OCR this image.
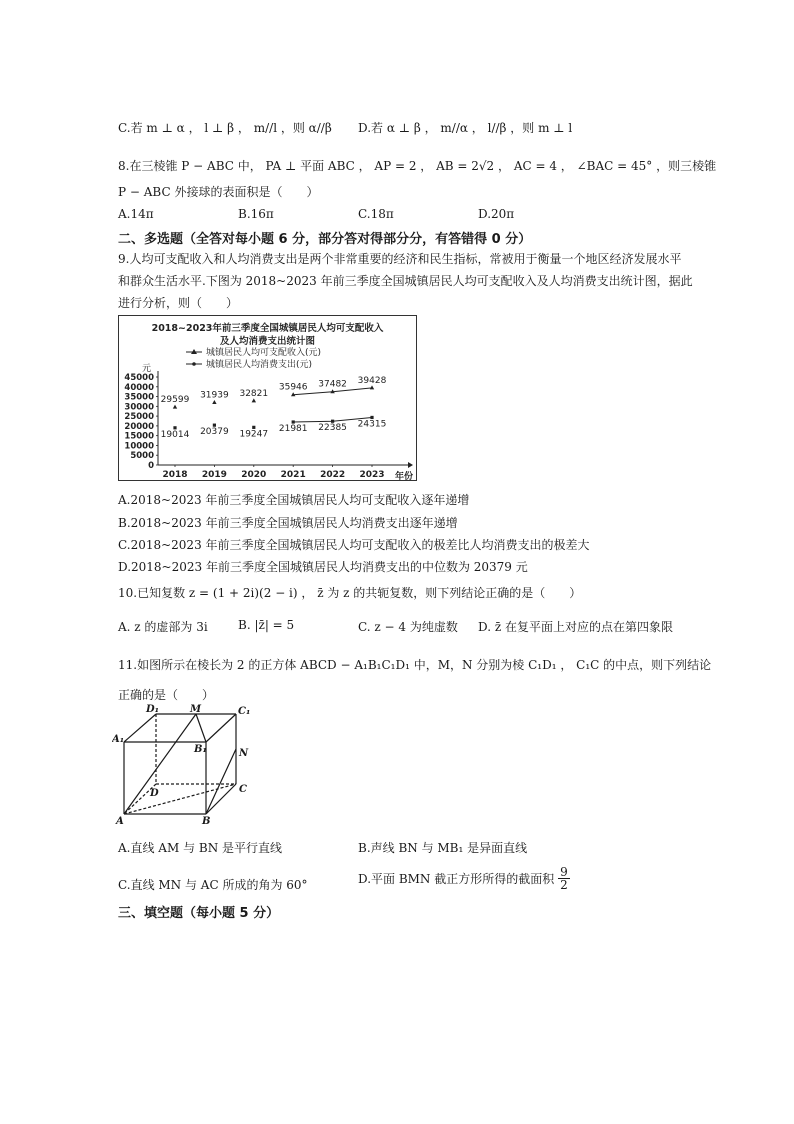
C.若 m ⊥ α ， l ⊥ β ， m//l ，则 α//β D.若 α ⊥ β ， m//α ， l//β ，则 m ⊥ l
8.在三棱锥 P − ABC 中， PA ⊥ 平面 ABC ， AP = 2 ， AB = 2√2 ， AC = 4 ， ∠BAC = 45° ，则三棱锥
P − ABC 外接球的表面积是（　　）
A.14π	B.16π	C.18π	D.20π
二、多选题（全答对每小题 6 分，部分答对得部分分，有答错得 0 分）
9.人均可支配收入和人均消费支出是两个非常重要的经济和民生指标，常被用于衡量一个地区经济发展水平
和群众生活水平.下图为 2018~2023 年前三季度全国城镇居民人均可支配收入及人均消费支出统计图，据此
进行分析，则（　　）
2018~2023年前三季度全国城镇居民人均可支配收入
及人均消费支出统计图
城镇居民人均可支配收入(元)
城镇居民人均消费支出(元)
元
0
5000
10000
15000
20000
25000
30000
35000
40000
45000
2018 2019 2020 2021 2022 2023
29599 31939 32821
35946 37482 39428
19014 20379 19247
21981 22385 24315
年份
A.2018~2023 年前三季度全国城镇居民人均可支配收入逐年递增
B.2018~2023 年前三季度全国城镇居民人均消费支出逐年递增
C.2018~2023 年前三季度全国城镇居民人均可支配收入的极差比人均消费支出的极差大
D.2018~2023 年前三季度全国城镇居民人均消费支出的中位数为 20379 元
10.已知复数 z = (1 + 2i)(2 − i) ， z̄ 为 z 的共轭复数，则下列结论正确的是（　　）
A. z 的虚部为 3i	B. |z̄| = 5	C. z − 4 为纯虚数 D. z̄ 在复平面上对应的点在第四象限
11.如图所示在棱长为 2 的正方体 ABCD − A₁B₁C₁D₁ 中，M，N 分别为棱 C₁D₁ ， C₁C 的中点，则下列结论
正确的是（　　）
D₁	M	C₁
A₁
B₁	N
D	C
A	B
A.直线 AM 与 BN 是平行直线	B.声线 BN 与 MB₁ 是异面直线
C.直线 MN 与 AC 所成的角为 60°	D.平面 BMN 截正方形所得的截面积 $\frac{9}{2}$
三、填空题（每小题 5 分）
